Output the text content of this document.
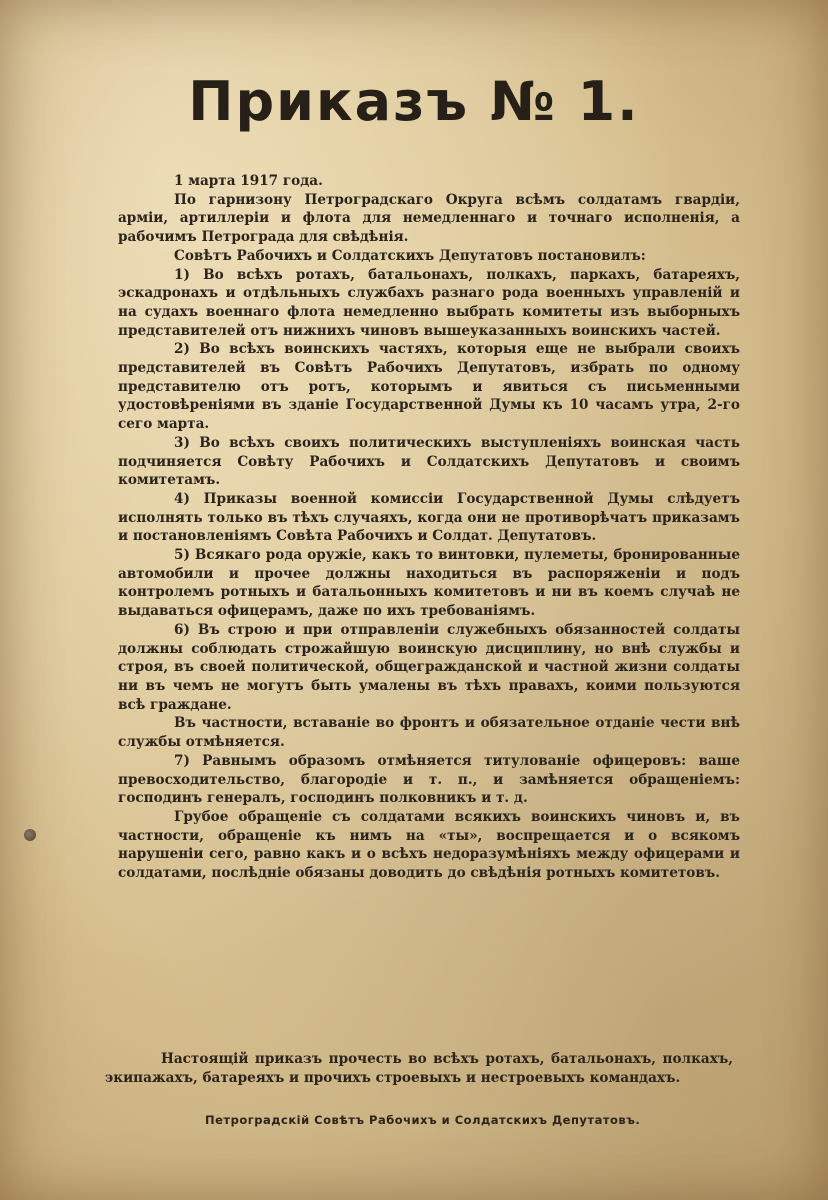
Приказъ № 1.

1 марта 1917 года.

По гарнизону Петроградскаго Округа всѣмъ солдатамъ гвардіи, арміи, артиллеріи и флота для немедленнаго и точнаго исполненія, а рабочимъ Петрограда для свѣдѣнія.

Совѣтъ Рабочихъ и Солдатскихъ Депутатовъ постановилъ:

1) Во всѣхъ ротахъ, батальонахъ, полкахъ, паркахъ, батареяхъ, эскадронахъ и отдѣльныхъ службахъ разнаго рода военныхъ управленій и на судахъ военнаго флота немедленно выбрать комитеты изъ выборныхъ представителей отъ нижнихъ чиновъ вышеуказанныхъ воинскихъ частей.

2) Во всѣхъ воинскихъ частяхъ, которыя еще не выбрали своихъ представителей въ Совѣтъ Рабочихъ Депутатовъ, избрать по одному представителю отъ ротъ, которымъ и явиться съ письменными удостовѣреніями въ зданіе Государственной Думы къ 10 часамъ утра, 2-го сего марта.

3) Во всѣхъ своихъ политическихъ выступленіяхъ воинская часть подчиняется Совѣту Рабочихъ и Солдатскихъ Депутатовъ и своимъ комитетамъ.

4) Приказы военной комиссіи Государственной Думы слѣдуетъ исполнять только въ тѣхъ случаяхъ, когда они не противорѣчатъ приказамъ и постановленіямъ Совѣта Рабочихъ и Солдат. Депутатовъ.

5) Всякаго рода оружіе, какъ то винтовки, пулеметы, бронированные автомобили и прочее должны находиться въ распоряженіи и подъ контролемъ ротныхъ и батальонныхъ комитетовъ и ни въ коемъ случаѣ не выдаваться офицерамъ, даже по ихъ требованіямъ.

6) Въ строю и при отправленіи служебныхъ обязанностей солдаты должны соблюдать строжайшую воинскую дисциплину, но внѣ службы и строя, въ своей политической, общегражданской и частной жизни солдаты ни въ чемъ не могутъ быть умалены въ тѣхъ правахъ, коими пользуются всѣ граждане.

Въ частности, вставаніе во фронтъ и обязательное отданіе чести внѣ службы отмѣняется.

7) Равнымъ образомъ отмѣняется титулованіе офицеровъ: ваше превосходительство, благородіе и т. п., и замѣняется обращеніемъ: господинъ генералъ, господинъ полковникъ и т. д.

Грубое обращеніе съ солдатами всякихъ воинскихъ чиновъ и, въ частности, обращеніе къ нимъ на «ты», воспрещается и о всякомъ нарушеніи сего, равно какъ и о всѣхъ недоразумѣніяхъ между офицерами и солдатами, послѣдніе обязаны доводить до свѣдѣнія ротныхъ комитетовъ.

Настоящій приказъ прочесть во всѣхъ ротахъ, батальонахъ, полкахъ, экипажахъ, батареяхъ и прочихъ строевыхъ и нестроевыхъ командахъ.

Петроградскій Совѣтъ Рабочихъ и Солдатскихъ Депутатовъ.
